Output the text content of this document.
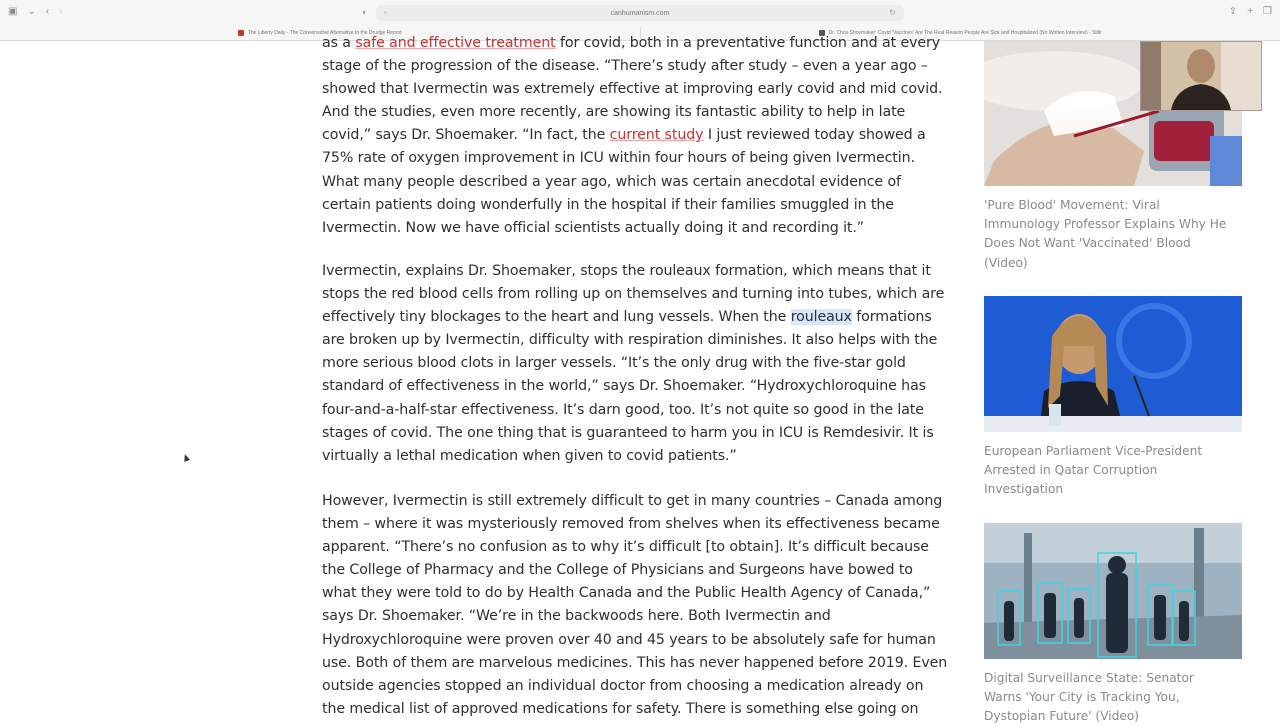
▣ ⌄ ‹ ›	◐ ▫	canhumanism.com	↻	⇪ + ❐
The Liberty Daily - The Conservative Alternative to the Drudge Report	Dr. Chris Shoemaker: Covid 'Vaccines' Are The Real Reason People Are Sick and Hospitalized (No Written Interview) - Stillr

as a safe and effective treatment for covid, both in a preventative function and at every

stage of the progression of the disease. “There’s study after study – even a year ago –

showed that Ivermectin was extremely effective at improving early covid and mid covid.

And the studies, even more recently, are showing its fantastic ability to help in late

covid,” says Dr. Shoemaker. “In fact, the current study I just reviewed today showed a

75% rate of oxygen improvement in ICU within four hours of being given Ivermectin.

What many people described a year ago, which was certain anecdotal evidence of

certain patients doing wonderfully in the hospital if their families smuggled in the

Ivermectin. Now we have official scientists actually doing it and recording it.”

Ivermectin, explains Dr. Shoemaker, stops the rouleaux formation, which means that it

stops the red blood cells from rolling up on themselves and turning into tubes, which are

effectively tiny blockages to the heart and lung vessels. When the rouleaux formations

are broken up by Ivermectin, difficulty with respiration diminishes. It also helps with the

more serious blood clots in larger vessels. “It’s the only drug with the five-star gold

standard of effectiveness in the world,” says Dr. Shoemaker. “Hydroxychloroquine has

four-and-a-half-star effectiveness. It’s darn good, too. It’s not quite so good in the late

stages of covid. The one thing that is guaranteed to harm you in ICU is Remdesivir. It is

virtually a lethal medication when given to covid patients.”

However, Ivermectin is still extremely difficult to get in many countries – Canada among

them – where it was mysteriously removed from shelves when its effectiveness became

apparent. “There’s no confusion as to why it’s difficult [to obtain]. It’s difficult because

the College of Pharmacy and the College of Physicians and Surgeons have bowed to

what they were told to do by Health Canada and the Public Health Agency of Canada,”

says Dr. Shoemaker. “We’re in the backwoods here. Both Ivermectin and

Hydroxychloroquine were proven over 40 and 45 years to be absolutely safe for human

use. Both of them are marvelous medicines. This has never happened before 2019. Even

outside agencies stopped an individual doctor from choosing a medication already on

the medical list of approved medications for safety. There is something else going on

'Pure Blood' Movement: Viral
Immunology Professor Explains Why He
Does Not Want 'Vaccinated' Blood
(Video)
European Parliament Vice-President
Arrested in Qatar Corruption
Investigation
Digital Surveillance State: Senator
Warns 'Your City is Tracking You,
Dystopian Future' (Video)
